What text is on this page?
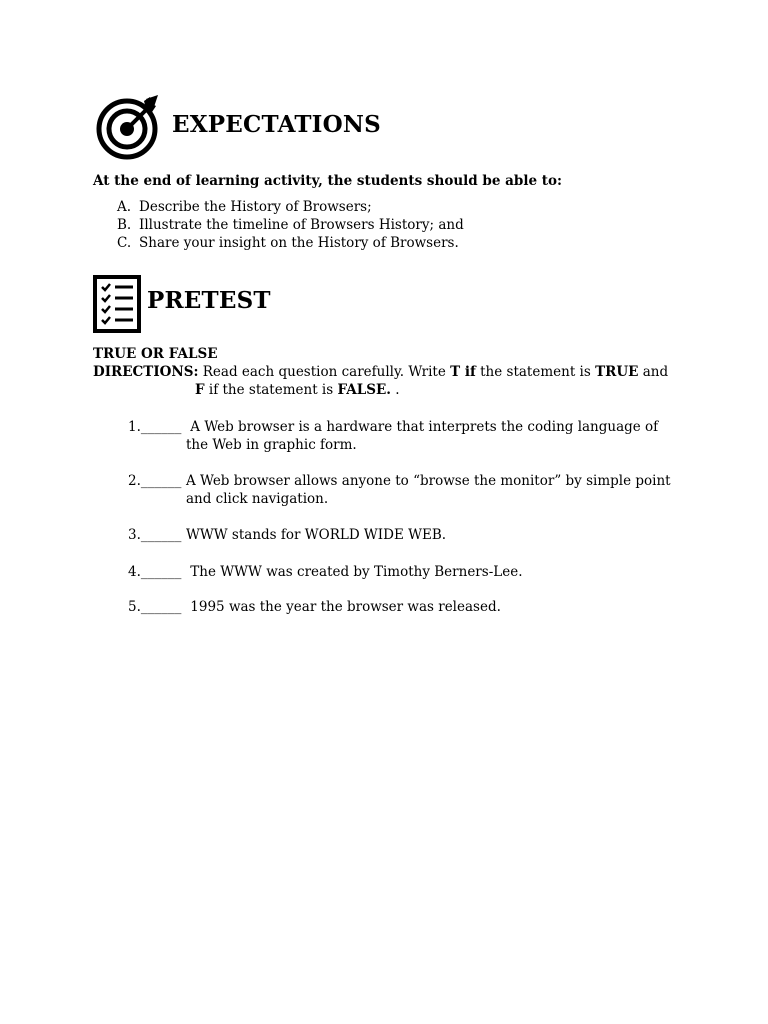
EXPECTATIONS
At the end of learning activity, the students should be able to:
A. Describe the History of Browsers;
B. Illustrate the timeline of Browsers History; and
C. Share your insight on the History of Browsers.
PRETEST
TRUE OR FALSE
DIRECTIONS: Read each question carefully. Write T if the statement is TRUE and
F if the statement is FALSE. .
1.______ A Web browser is a hardware that interprets the coding language of
the Web in graphic form.
2.______ A Web browser allows anyone to “browse the monitor” by simple point
and click navigation.
3.______ WWW stands for WORLD WIDE WEB.
4.______ The WWW was created by Timothy Berners-Lee.
5.______ 1995 was the year the browser was released.
